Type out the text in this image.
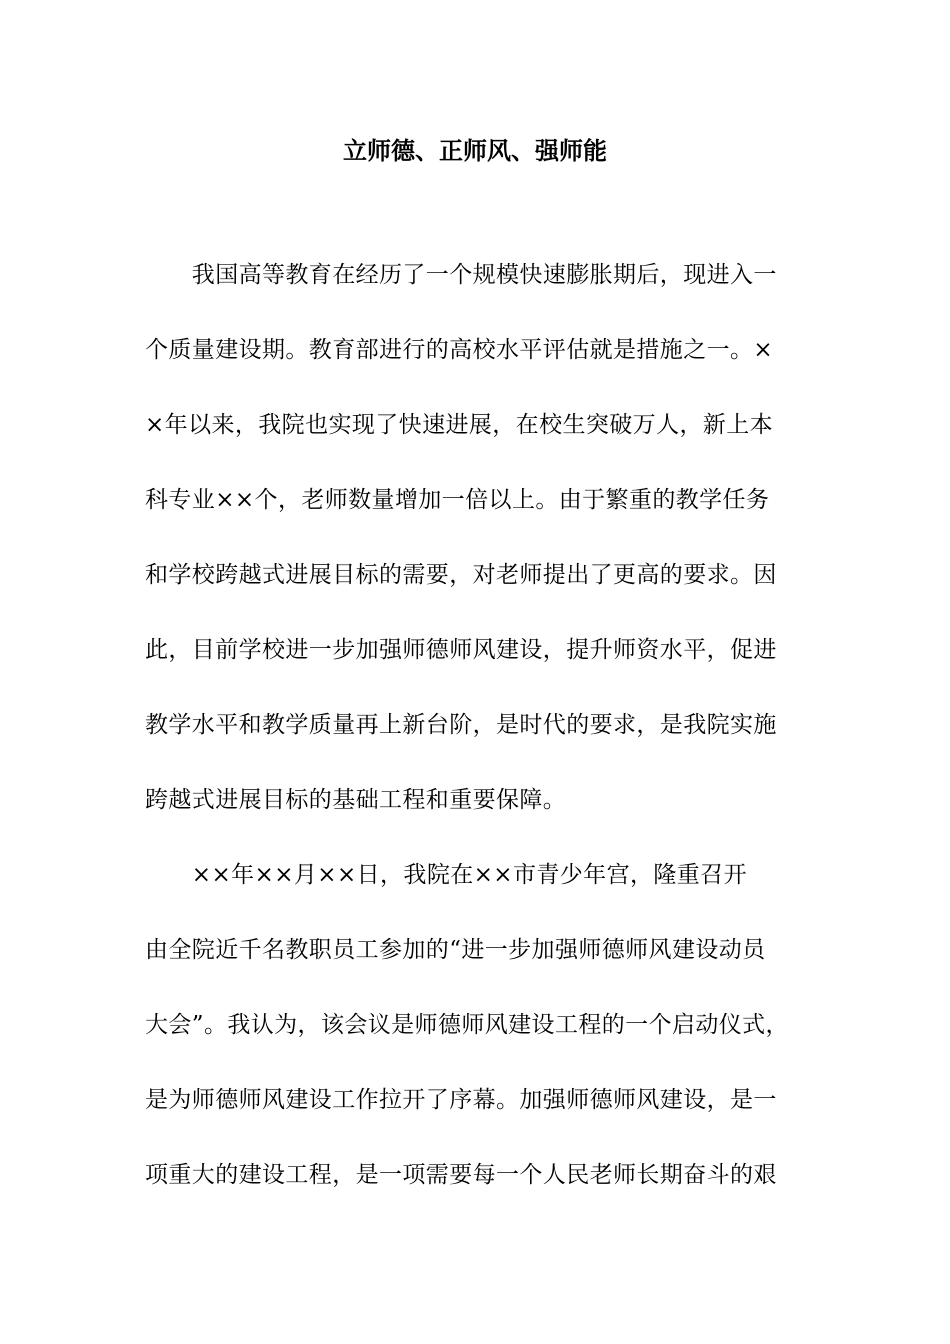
立师德、正师风、强师能
　　我国高等教育在经历了一个规模快速膨胀期后，现进入一
个质量建设期。教育部进行的高校水平评估就是措施之一。×
×年以来，我院也实现了快速进展，在校生突破万人，新上本
科专业××个，老师数量增加一倍以上。由于繁重的教学任务
和学校跨越式进展目标的需要，对老师提出了更高的要求。因
此，目前学校进一步加强师德师风建设，提升师资水平，促进
教学水平和教学质量再上新台阶，是时代的要求，是我院实施
跨越式进展目标的基础工程和重要保障。
　　××年××月××日，我院在××市青少年宫，隆重召开
由全院近千名教职员工参加的“进一步加强师德师风建设动员
大会”。我认为，该会议是师德师风建设工程的一个启动仪式，
是为师德师风建设工作拉开了序幕。加强师德师风建设，是一
项重大的建设工程，是一项需要每一个人民老师长期奋斗的艰
